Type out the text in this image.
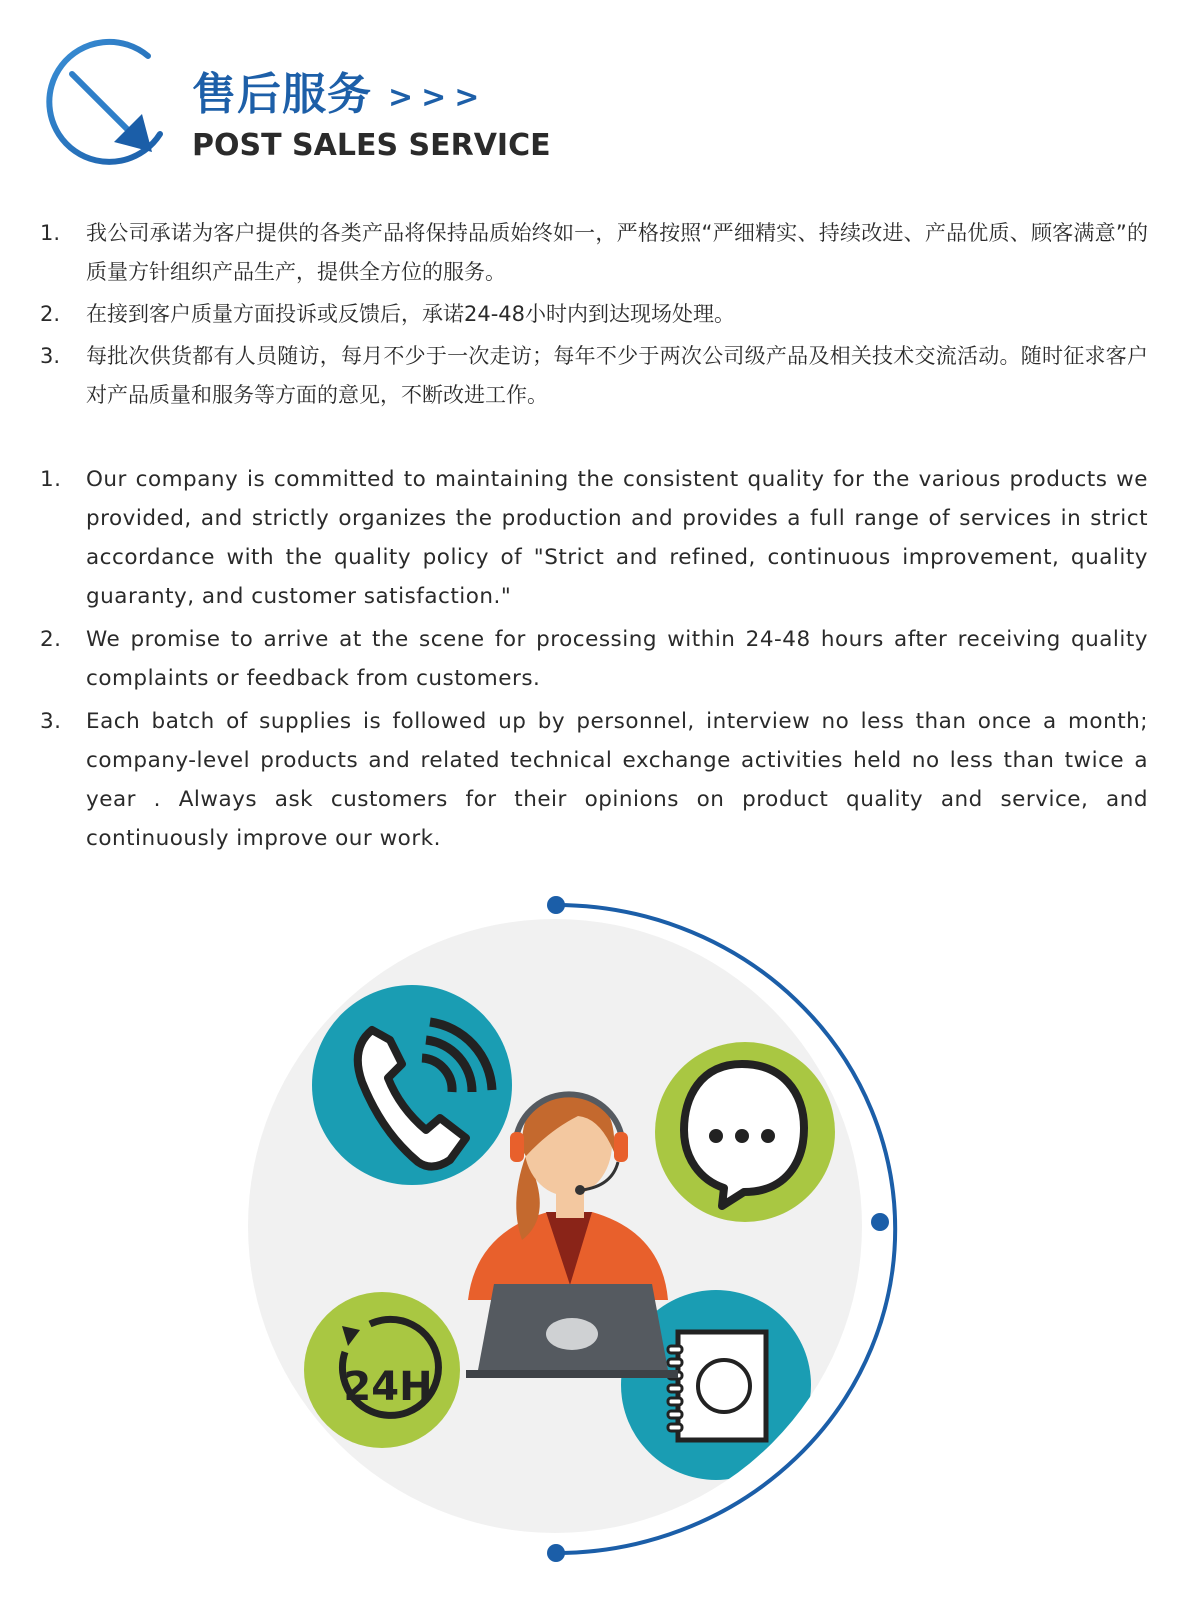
售后服务 >>>
POST SALES SERVICE
1. 我公司承诺为客户提供的各类产品将保持品质始终如一，严格按照“严细精实、持续改进、产品优质、顾客满意”的质量方针组织产品生产，提供全方位的服务。
2. 在接到客户质量方面投诉或反馈后，承诺24-48小时内到达现场处理。
3. 每批次供货都有人员随访，每月不少于一次走访；每年不少于两次公司级产品及相关技术交流活动。随时征求客户对产品质量和服务等方面的意见，不断改进工作。
1. Our company is committed to maintaining the consistent quality for the various products we provided, and strictly organizes the production and provides a full range of services in strict accordance with the quality policy of "Strict and refined, continuous improvement, quality guaranty, and customer satisfaction."
2. We promise to arrive at the scene for processing within 24-48 hours after receiving quality complaints or feedback from customers.
3. Each batch of supplies is followed up by personnel, interview no less than once a month; company-level products and related technical exchange activities held no less than twice a year . Always ask customers for their opinions on product quality and service, and continuously improve our work.
24H
